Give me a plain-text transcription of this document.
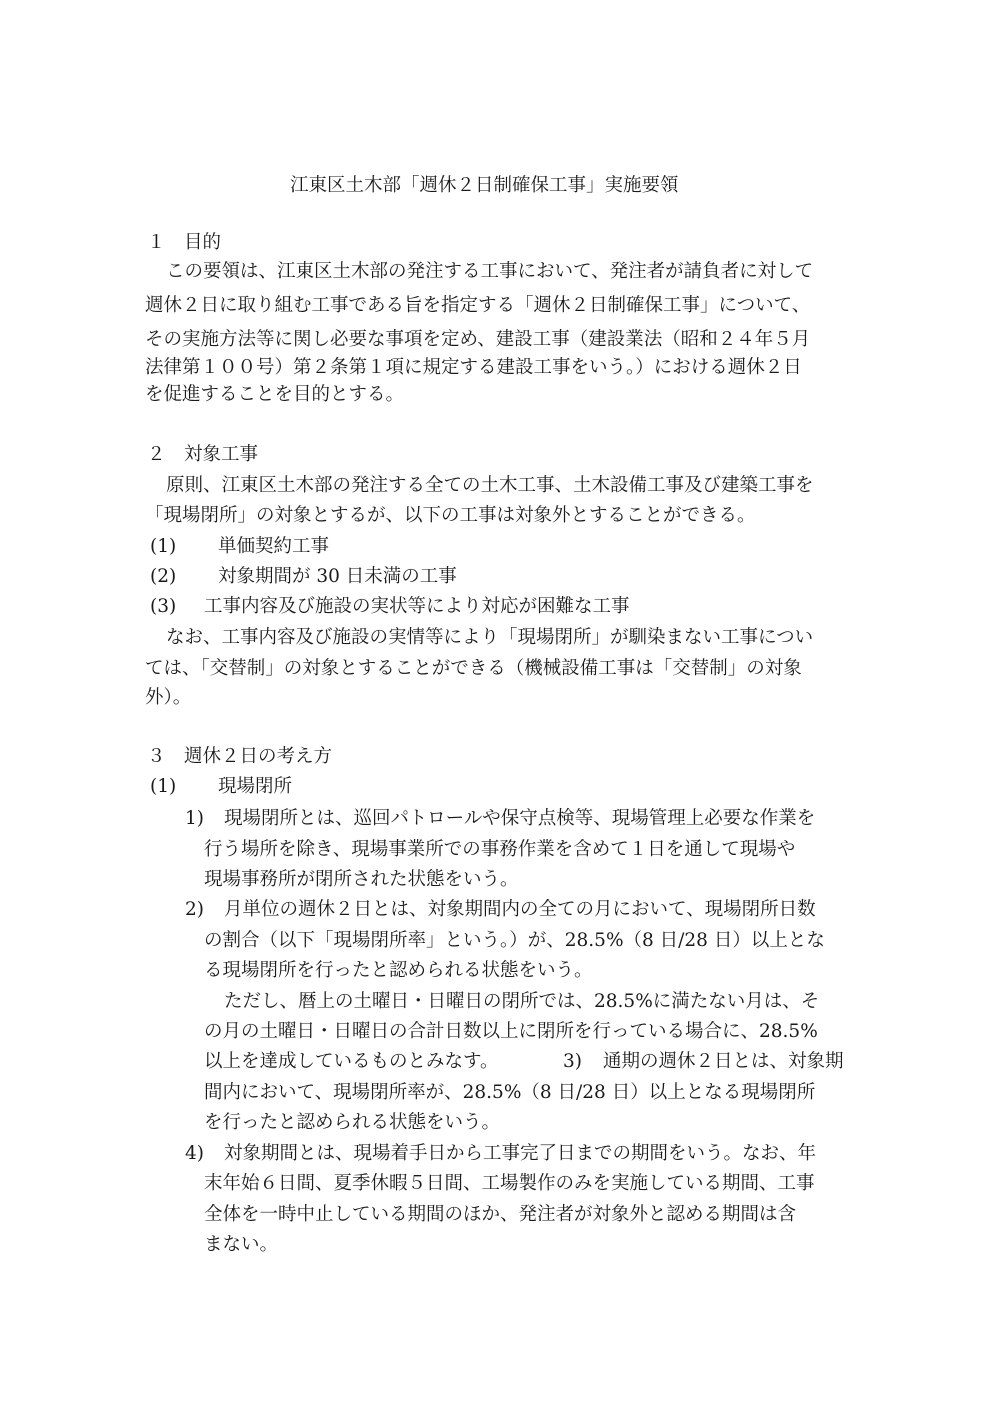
江東区土木部「週休２日制確保工事」実施要領
１　目的
この要領は、江東区土木部の発注する工事において、発注者が請負者に対して
週休２日に取り組む工事である旨を指定する「週休２日制確保工事」について、
その実施方法等に関し必要な事項を定め、建設工事（建設業法（昭和２４年５月
法律第１００号）第２条第１項に規定する建設工事をいう。）における週休２日
を促進することを目的とする。
２　対象工事
原則、江東区土木部の発注する全ての土木工事、土木設備工事及び建築工事を
「現場閉所」の対象とするが、以下の工事は対象外とすることができる。
(1) 単価契約工事
(2) 対象期間が 30 日未満の工事
(3) 工事内容及び施設の実状等により対応が困難な工事
なお、工事内容及び施設の実情等により「現場閉所」が馴染まない工事につい
ては、「交替制」の対象とすることができる（機械設備工事は「交替制」の対象
外）。
３　週休２日の考え方
(1) 現場閉所
1) 現場閉所とは、巡回パトロールや保守点検等、現場管理上必要な作業を
行う場所を除き、現場事業所での事務作業を含めて１日を通して現場や
現場事務所が閉所された状態をいう。
2) 月単位の週休２日とは、対象期間内の全ての月において、現場閉所日数
の割合（以下「現場閉所率」という。）が、28.5%（8 日/28 日）以上とな
る現場閉所を行ったと認められる状態をいう。
ただし、暦上の土曜日・日曜日の閉所では、28.5%に満たない月は、そ
の月の土曜日・日曜日の合計日数以上に閉所を行っている場合に、28.5%
以上を達成しているものとみなす。	3) 通期の週休２日とは、対象期
間内において、現場閉所率が、28.5%（8 日/28 日）以上となる現場閉所
を行ったと認められる状態をいう。
4) 対象期間とは、現場着手日から工事完了日までの期間をいう。なお、年
末年始６日間、夏季休暇５日間、工場製作のみを実施している期間、工事
全体を一時中止している期間のほか、発注者が対象外と認める期間は含
まない。
